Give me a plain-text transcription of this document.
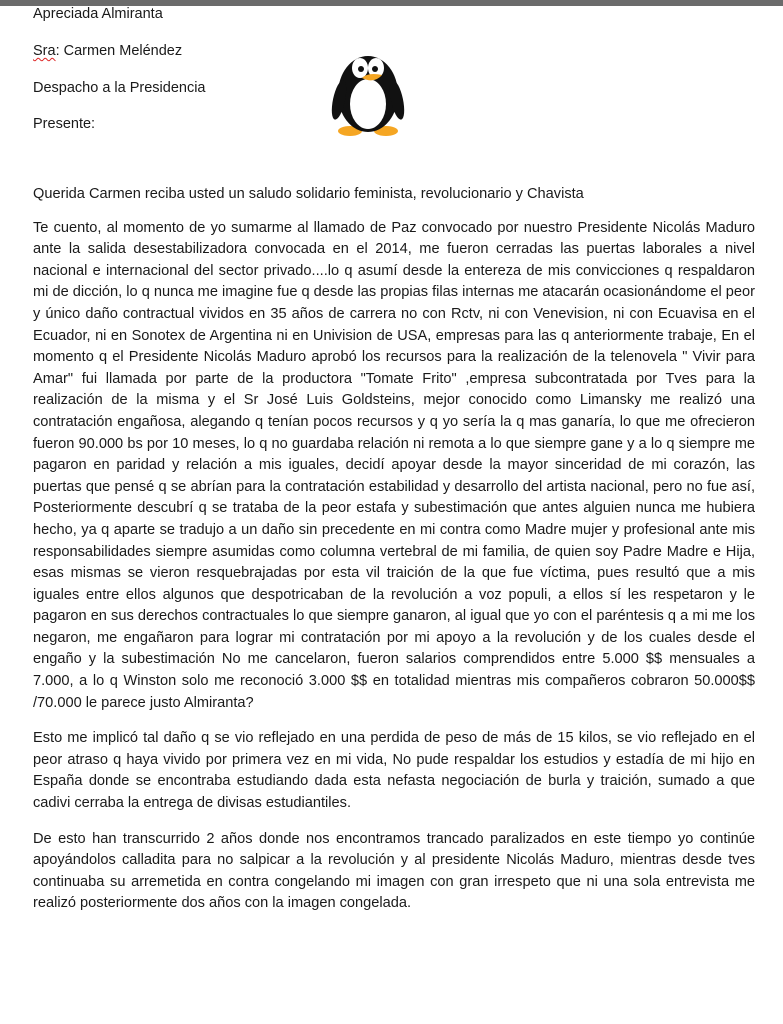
Apreciada Almiranta

Sra: Carmen Meléndez

Despacho a la Presidencia

Presente:

Querida Carmen reciba usted un saludo solidario feminista, revolucionario y Chavista

Te cuento, al momento de yo sumarme al llamado de Paz convocado por nuestro Presidente Nicolás Maduro ante la salida desestabilizadora convocada en el 2014, me fueron cerradas las puertas laborales a nivel nacional e internacional del sector privado....lo q asumí desde la entereza de mis convicciones q respaldaron mi de dicción, lo q nunca me imagine fue q desde las propias filas internas me atacarán ocasionándome el peor y único daño contractual vividos en 35 años de carrera no con Rctv, ni con Venevision, ni con Ecuavisa en el Ecuador, ni en Sonotex de Argentina ni en Univision de USA, empresas para las q anteriormente trabaje, En el momento q el Presidente Nicolás Maduro aprobó los recursos para la realización de la telenovela " Vivir para Amar" fui llamada por parte de la productora "Tomate Frito" ,empresa subcontratada por Tves para la realización de la misma y el Sr José Luis Goldsteins, mejor conocido como Limansky me realizó una contratación engañosa, alegando q tenían pocos recursos y q yo sería la q mas ganaría, lo que me ofrecieron fueron 90.000 bs por 10 meses, lo q no guardaba relación ni remota a lo que siempre gane y a lo q siempre me pagaron en paridad y relación a mis iguales, decidí apoyar desde la mayor sinceridad de mi corazón, las puertas que pensé q se abrían para la contratación estabilidad y desarrollo del artista nacional, pero no fue así, Posteriormente descubrí q se trataba de la peor estafa y subestimación que antes alguien nunca me hubiera hecho, ya q aparte se tradujo a un daño sin precedente en mi contra como Madre mujer y profesional ante mis responsabilidades siempre asumidas como columna vertebral de mi familia, de quien soy Padre Madre e Hija, esas mismas se vieron resquebrajadas por esta vil traición de la que fue víctima, pues resultó que a mis iguales entre ellos algunos que despotricaban de la revolución a voz populi, a ellos sí les respetaron y le pagaron en sus derechos contractuales lo que siempre ganaron, al igual que yo con el paréntesis q a mi me los negaron, me engañaron para lograr mi contratación por mi apoyo a la revolución y de los cuales desde el engaño y la subestimación No me cancelaron, fueron salarios comprendidos entre 5.000 $$ mensuales a 7.000, a lo q Winston solo me reconoció 3.000 $$ en totalidad mientras mis compañeros cobraron 50.000$$ /70.000 le parece justo Almiranta?

Esto me implicó tal daño q se vio reflejado en una perdida de peso de más de 15 kilos, se vio reflejado en el peor atraso q haya vivido por primera vez en mi vida, No pude respaldar los estudios y estadía de mi hijo en España donde se encontraba estudiando dada esta nefasta negociación de burla y traición, sumado a que cadivi cerraba la entrega de divisas estudiantiles.

De esto han transcurrido 2 años donde nos encontramos trancado paralizados en este tiempo yo continúe apoyándolos calladita para no salpicar a la revolución y al presidente Nicolás Maduro, mientras desde tves continuaba su arremetida en contra congelando mi imagen con gran irrespeto que ni una sola entrevista me realizó posteriormente dos años con la imagen congelada.
